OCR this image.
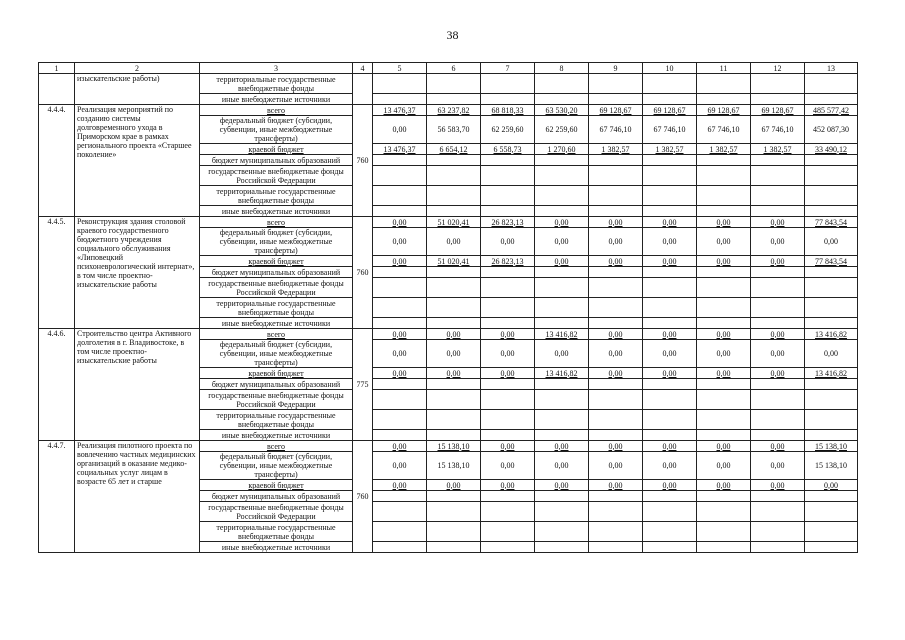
38
1	2	3	4	5	6	7	8	9	10	11	12	13
	изыскательские работы)	территориальные государственные внебюджетные фонды										
		иные внебюджетные источники										
4.4.4.	Реализация мероприятий по созданию системы долговременного ухода в Приморском крае в рамках регионального проекта «Старшее поколение»	всего	760	13 476,37	63 237,82	68 818,33	63 530,20	69 128,67	69 128,67	69 128,67	69 128,67	485 577,42
		федеральный бюджет (субсидии, субвенции, иные межбюджетные трансферты)		0,00	56 583,70	62 259,60	62 259,60	67 746,10	67 746,10	67 746,10	67 746,10	452 087,30
		краевой бюджет		13 476,37	6 654,12	6 558,73	1 270,60	1 382,57	1 382,57	1 382,57	1 382,57	33 490,12
		бюджет муниципальных образований										
		государственные внебюджетные фонды Российской Федерации										
		территориальные государственные внебюджетные фонды										
		иные внебюджетные источники										
4.4.5.	Реконструкция здания столовой краевого государственного бюджетного учреждения социального обслуживания «Липовецкий психоневрологический интернат», в том числе проектно-изыскательские работы	всего	760	0,00	51 020,41	26 823,13	0,00	0,00	0,00	0,00	0,00	77 843,54
		федеральный бюджет (субсидии, субвенции, иные межбюджетные трансферты)		0,00	0,00	0,00	0,00	0,00	0,00	0,00	0,00	0,00
		краевой бюджет		0,00	51 020,41	26 823,13	0,00	0,00	0,00	0,00	0,00	77 843,54
		бюджет муниципальных образований										
		государственные внебюджетные фонды Российской Федерации										
		территориальные государственные внебюджетные фонды										
		иные внебюджетные источники										
4.4.6.	Строительство центра Активного долголетия в г. Владивостоке, в том числе проектно-изыскательские работы	всего	775	0,00	0,00	0,00	13 416,82	0,00	0,00	0,00	0,00	13 416,82
		федеральный бюджет (субсидии, субвенции, иные межбюджетные трансферты)		0,00	0,00	0,00	0,00	0,00	0,00	0,00	0,00	0,00
		краевой бюджет		0,00	0,00	0,00	13 416,82	0,00	0,00	0,00	0,00	13 416,82
		бюджет муниципальных образований										
		государственные внебюджетные фонды Российской Федерации										
		территориальные государственные внебюджетные фонды										
		иные внебюджетные источники										
4.4.7.	Реализация пилотного проекта по вовлечению частных медицинских организаций в оказание медико-социальных услуг лицам в возрасте 65 лет и старше	всего	760	0,00	15 138,10	0,00	0,00	0,00	0,00	0,00	0,00	15 138,10
		федеральный бюджет (субсидии, субвенции, иные межбюджетные трансферты)		0,00	15 138,10	0,00	0,00	0,00	0,00	0,00	0,00	15 138,10
		краевой бюджет		0,00	0,00	0,00	0,00	0,00	0,00	0,00	0,00	0,00
		бюджет муниципальных образований										
		государственные внебюджетные фонды Российской Федерации										
		территориальные государственные внебюджетные фонды										
		иные внебюджетные источники										
